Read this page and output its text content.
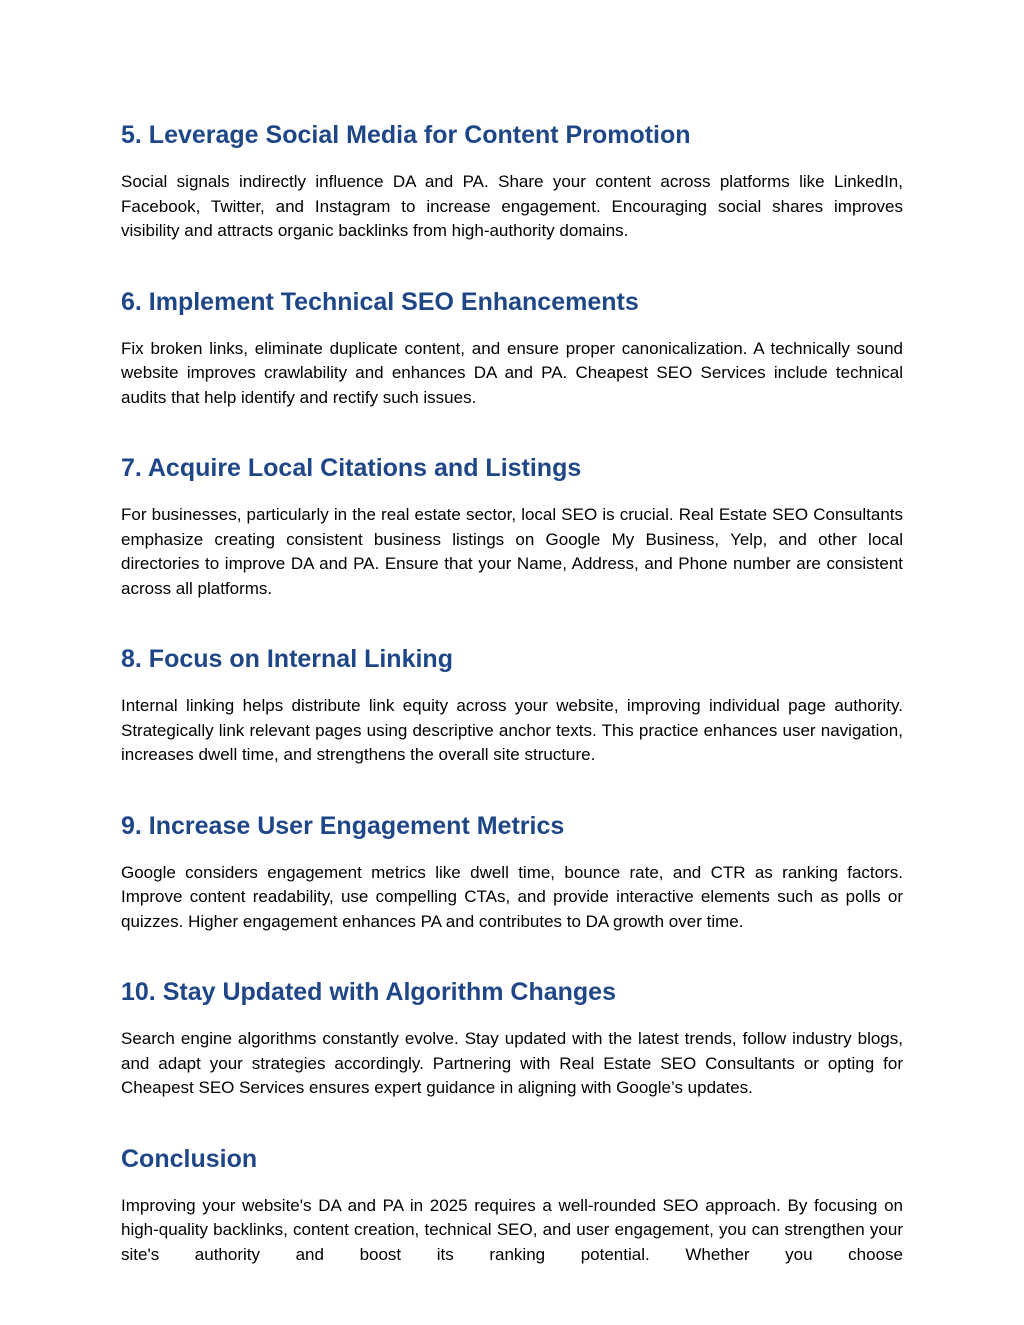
5. Leverage Social Media for Content Promotion

Social signals indirectly influence DA and PA. Share your content across platforms like LinkedIn, Facebook, Twitter, and Instagram to increase engagement. Encouraging social shares improves visibility and attracts organic backlinks from high-authority domains.

6. Implement Technical SEO Enhancements

Fix broken links, eliminate duplicate content, and ensure proper canonicalization. A technically sound website improves crawlability and enhances DA and PA. Cheapest SEO Services include technical audits that help identify and rectify such issues.

7. Acquire Local Citations and Listings

For businesses, particularly in the real estate sector, local SEO is crucial. Real Estate SEO Consultants emphasize creating consistent business listings on Google My Business, Yelp, and other local directories to improve DA and PA. Ensure that your Name, Address, and Phone number are consistent across all platforms.

8. Focus on Internal Linking

Internal linking helps distribute link equity across your website, improving individual page authority. Strategically link relevant pages using descriptive anchor texts. This practice enhances user navigation, increases dwell time, and strengthens the overall site structure.

9. Increase User Engagement Metrics

Google considers engagement metrics like dwell time, bounce rate, and CTR as ranking factors. Improve content readability, use compelling CTAs, and provide interactive elements such as polls or quizzes. Higher engagement enhances PA and contributes to DA growth over time.

10. Stay Updated with Algorithm Changes

Search engine algorithms constantly evolve. Stay updated with the latest trends, follow industry blogs, and adapt your strategies accordingly. Partnering with Real Estate SEO Consultants or opting for Cheapest SEO Services ensures expert guidance in aligning with Google’s updates.

Conclusion

Improving your website's DA and PA in 2025 requires a well-rounded SEO approach. By focusing on high-quality backlinks, content creation, technical SEO, and user engagement, you can strengthen your site's authority and boost its ranking potential. Whether you choose
